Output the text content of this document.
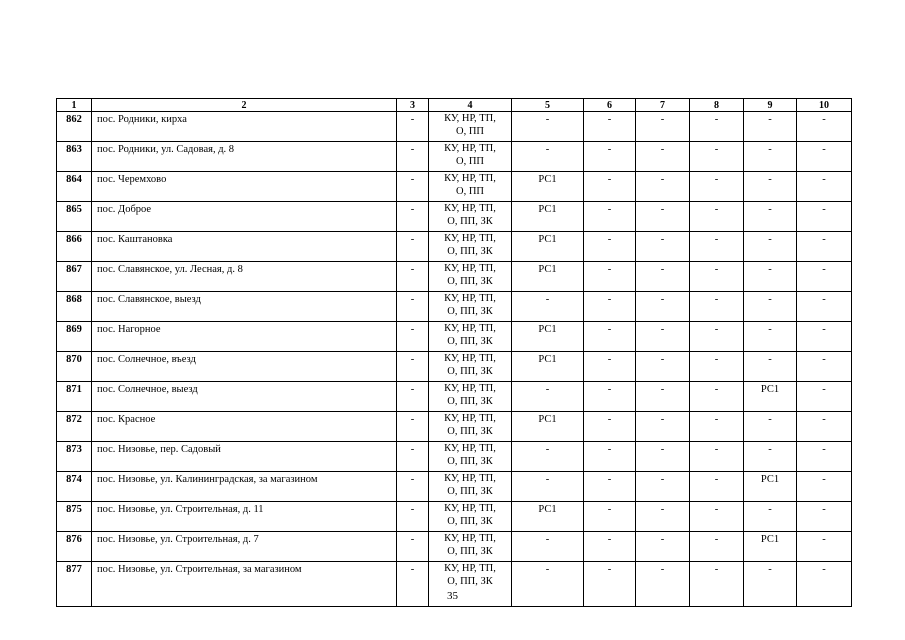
1	2	3	4	5	6	7	8	9	10
862	пос. Родники, кирха	-	КУ, НР, ТП,
О, ПП	-	-	-	-	-	-
863	пос. Родники, ул. Садовая, д. 8	-	КУ, НР, ТП,
О, ПП	-	-	-	-	-	-
864	пос. Черемхово	-	КУ, НР, ТП,
О, ПП	РС1	-	-	-	-	-
865	пос. Доброе	-	КУ, НР, ТП,
О, ПП, ЗК	РС1	-	-	-	-	-
866	пос. Каштановка	-	КУ, НР, ТП,
О, ПП, ЗК	РС1	-	-	-	-	-
867	пос. Славянское, ул. Лесная, д. 8	-	КУ, НР, ТП,
О, ПП, ЗК	РС1	-	-	-	-	-
868	пос. Славянское, выезд	-	КУ, НР, ТП,
О, ПП, ЗК	-	-	-	-	-	-
869	пос. Нагорное	-	КУ, НР, ТП,
О, ПП, ЗК	РС1	-	-	-	-	-
870	пос. Солнечное, въезд	-	КУ, НР, ТП,
О, ПП, ЗК	РС1	-	-	-	-	-
871	пос. Солнечное, выезд	-	КУ, НР, ТП,
О, ПП, ЗК	-	-	-	-	РС1	-
872	пос. Красное	-	КУ, НР, ТП,
О, ПП, ЗК	РС1	-	-	-	-	-
873	пос. Низовье, пер. Садовый	-	КУ, НР, ТП,
О, ПП, ЗК	-	-	-	-	-	-
874	пос. Низовье, ул. Калининградская, за магазином	-	КУ, НР, ТП,
О, ПП, ЗК	-	-	-	-	РС1	-
875	пос. Низовье, ул. Строительная, д. 11	-	КУ, НР, ТП,
О, ПП, ЗК	РС1	-	-	-	-	-
876	пос. Низовье, ул. Строительная, д. 7	-	КУ, НР, ТП,
О, ПП, ЗК	-	-	-	-	РС1	-
877	пос. Низовье, ул. Строительная, за магазином	-	КУ, НР, ТП,
О, ПП, ЗК	-	-	-	-	-	-
35
